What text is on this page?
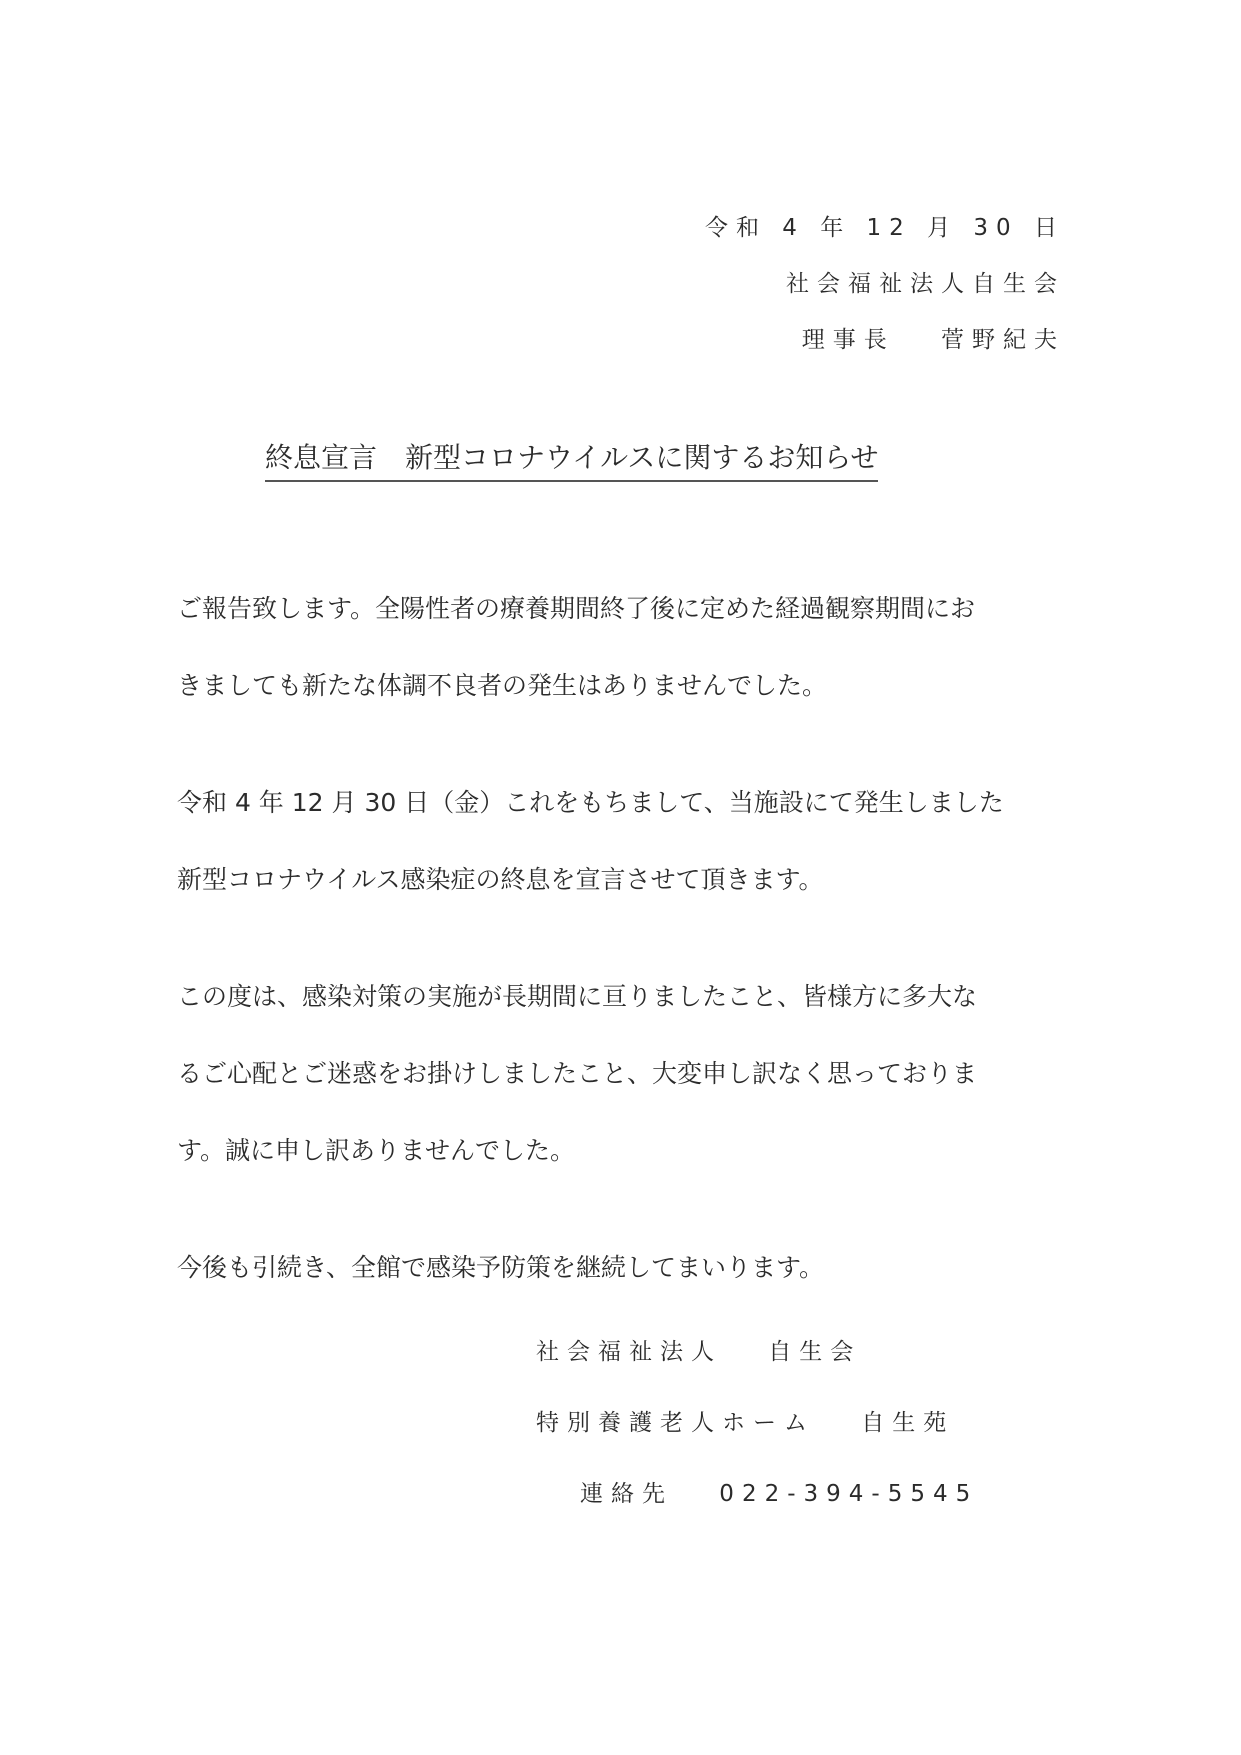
令和 4 年 12 月 30 日
社会福祉法人自生会
理事長　 菅野紀夫
終息宣言　新型コロナウイルスに関するお知らせ
ご報告致します。全陽性者の療養期間終了後に定めた経過観察期間にお
きましても新たな体調不良者の発生はありませんでした。
令和 4 年 12 月 30 日（金）これをもちまして、当施設にて発生しました
新型コロナウイルス感染症の終息を宣言させて頂きます。
この度は、感染対策の実施が長期間に亘りましたこと、皆様方に多大な
るご心配とご迷惑をお掛けしましたこと、大変申し訳なく思っておりま
す。誠に申し訳ありませんでした。
今後も引続き、全館で感染予防策を継続してまいります。
社会福祉法人　 自生会
特別養護老人ホーム　 自生苑
連絡先　 022-394-5545
